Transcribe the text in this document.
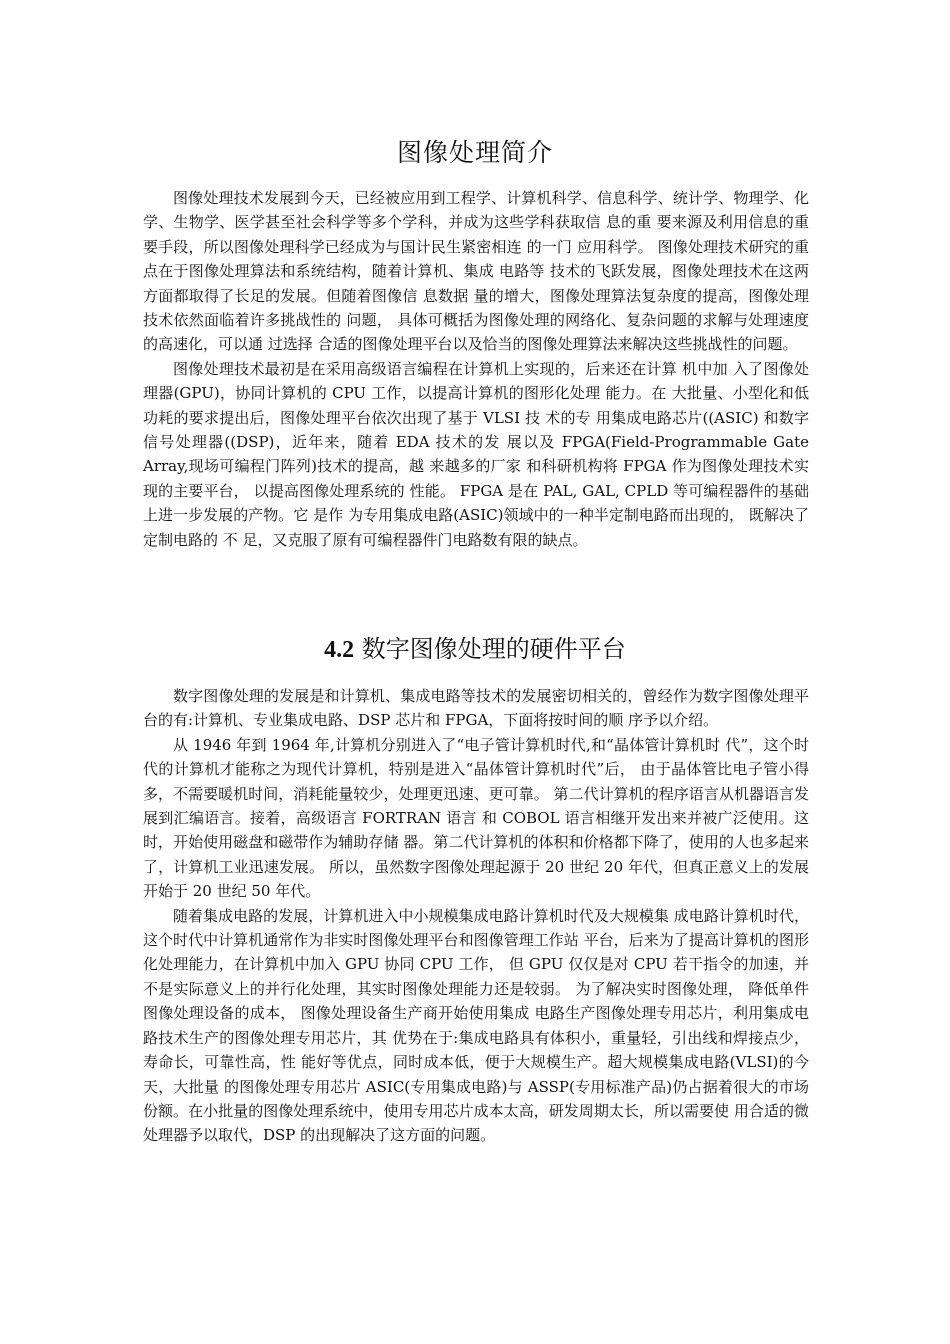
图像处理简介

图像处理技术发展到今天，已经被应用到工程学、计算机科学、信息科学、统计学、物理学、化学、生物学、医学甚至社会科学等多个学科，并成为这些学科获取信 息的重 要来源及利用信息的重要手段，所以图像处理科学已经成为与国计民生紧密相连 的一门 应用科学。 图像处理技术研究的重点在于图像处理算法和系统结构，随着计算机、集成 电路等 技术的飞跃发展，图像处理技术在这两方面都取得了长足的发展。但随着图像信 息数据 量的增大，图像处理算法复杂度的提高，图像处理技术依然面临着许多挑战性的 问题， 具体可概括为图像处理的网络化、复杂问题的求解与处理速度的高速化，可以通 过选择 合适的图像处理平台以及恰当的图像处理算法来解决这些挑战性的问题。

图像处理技术最初是在采用高级语言编程在计算机上实现的，后来还在计算 机中加 入了图像处理器(GPU)，协同计算机的 CPU 工作，以提高计算机的图形化处理 能力。在 大批量、小型化和低功耗的要求提出后，图像处理平台依次出现了基于 VLSI 技 术的专 用集成电路芯片((ASIC) 和数字信号处理器((DSP)，近年来，随着 EDA 技术的发 展以及 FPGA(Field-Programmable Gate Array,现场可编程门阵列)技术的提高，越 来越多的厂家 和科研机构将 FPGA 作为图像处理技术实现的主要平台， 以提高图像处理系统的 性能。 FPGA 是在 PAL, GAL, CPLD 等可编程器件的基础上进一步发展的产物。它 是作 为专用集成电路(ASIC)领域中的一种半定制电路而出现的， 既解决了定制电路的 不 足，又克服了原有可编程器件门电路数有限的缺点。

4.2 数字图像处理的硬件平台

数字图像处理的发展是和计算机、集成电路等技术的发展密切相关的，曾经作为数字图像处理平台的有:计算机、专业集成电路、DSP 芯片和 FPGA，下面将按时间的顺 序予以介绍。

从 1946 年到 1964 年,计算机分别进入了“电子管计算机时代,和“晶体管计算机时 代”，这个时代的计算机才能称之为现代计算机，特别是进入“晶体管计算机时代”后， 由于晶体管比电子管小得多，不需要暖机时间，消耗能量较少，处理更迅速、更可靠。 第二代计算机的程序语言从机器语言发展到汇编语言。接着，高级语言 FORTRAN 语言 和 COBOL 语言相继开发出来并被广泛使用。这时，开始使用磁盘和磁带作为辅助存储 器。第二代计算机的体积和价格都下降了，使用的人也多起来了，计算机工业迅速发展。 所以，虽然数字图像处理起源于 20 世纪 20 年代，但真正意义上的发展开始于 20 世纪 50 年代。

随着集成电路的发展，计算机进入中小规模集成电路计算机时代及大规模集 成电路计算机时代，这个时代中计算机通常作为非实时图像处理平台和图像管理工作站 平台，后来为了提高计算机的图形化处理能力，在计算机中加入 GPU 协同 CPU 工作， 但 GPU 仅仅是对 CPU 若干指令的加速，并不是实际意义上的并行化处理，其实时图像处理能力还是较弱。 为了解决实时图像处理， 降低单件图像处理设备的成本， 图像处理设备生产商开始使用集成 电路生产图像处理专用芯片，利用集成电路技术生产的图像处理专用芯片，其 优势在于:集成电路具有体积小，重量轻，引出线和焊接点少，寿命长，可靠性高，性 能好等优点，同时成本低，便于大规模生产。超大规模集成电路(VLSI)的今天，大批量 的图像处理专用芯片 ASIC(专用集成电路)与 ASSP(专用标准产品)仍占据着很大的市场 份额。在小批量的图像处理系统中，使用专用芯片成本太高，研发周期太长，所以需要使 用合适的微处理器予以取代，DSP 的出现解决了这方面的问题。
